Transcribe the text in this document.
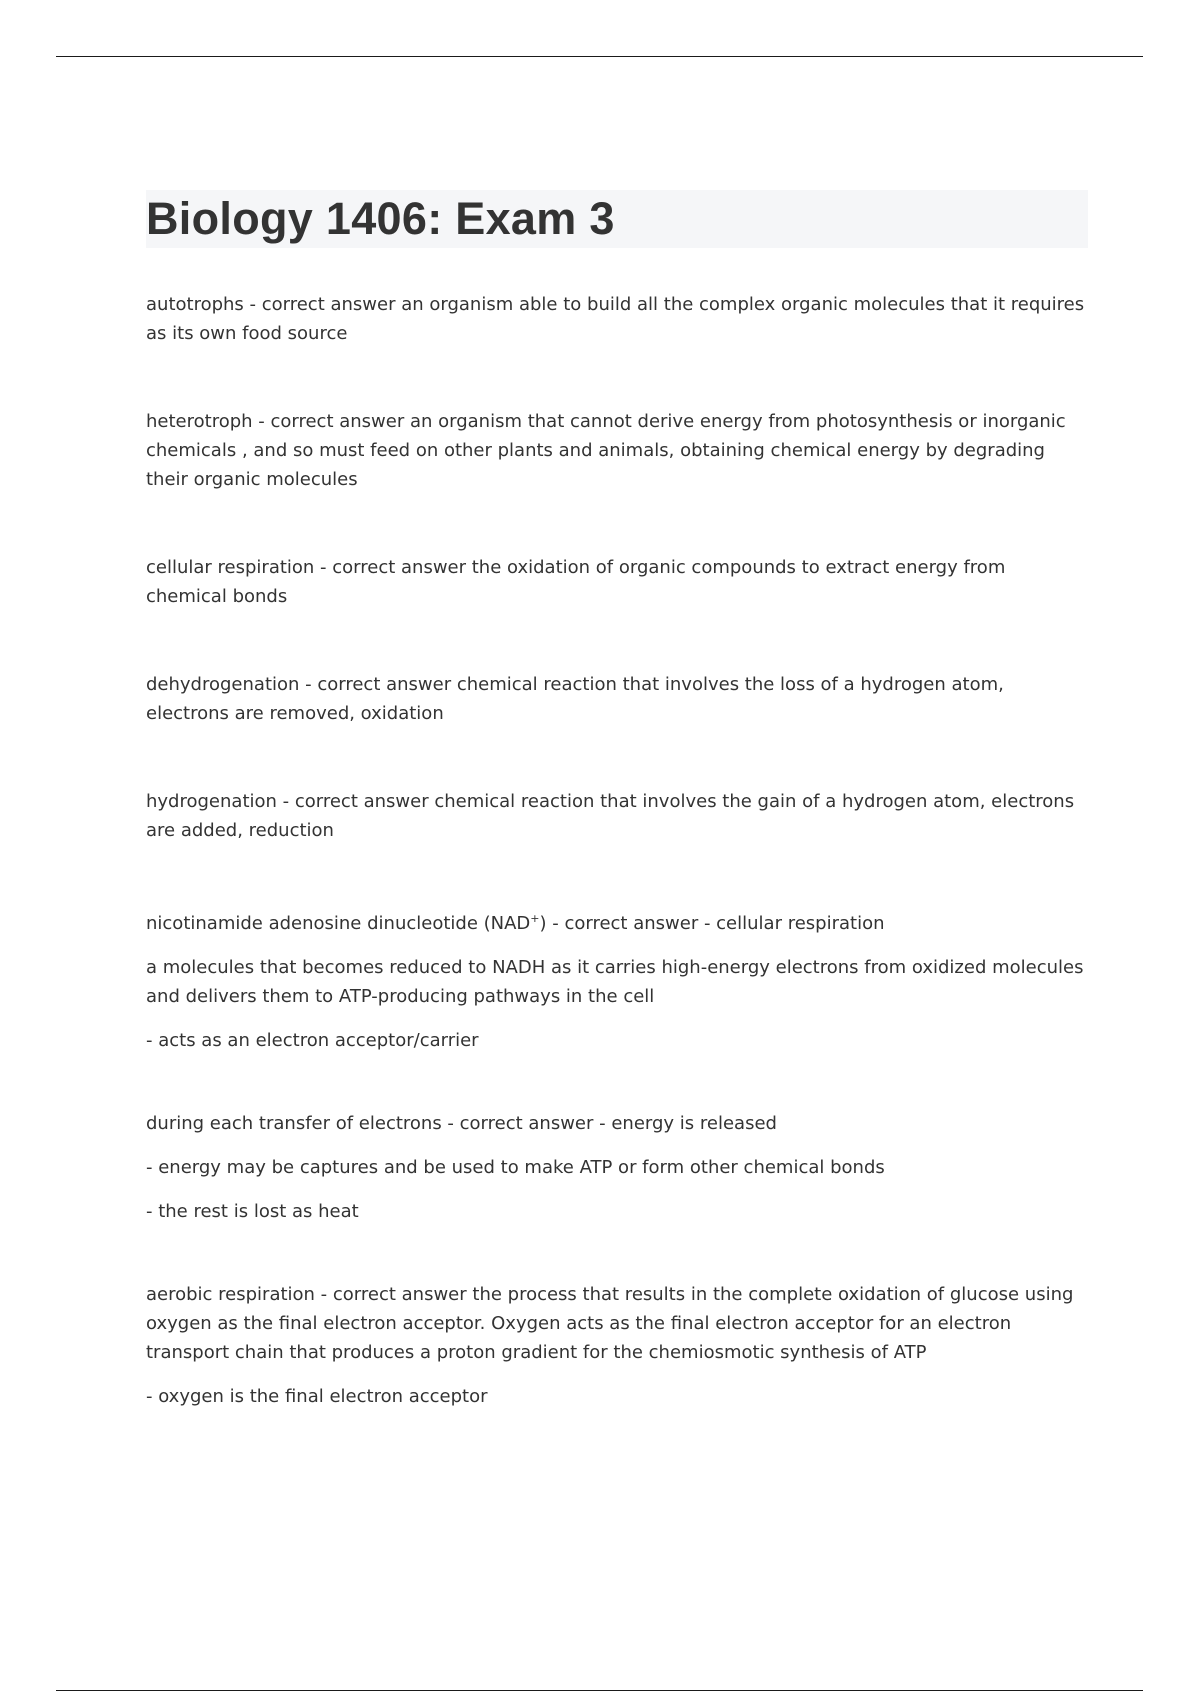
Biology 1406: Exam 3

autotrophs - correct answer an organism able to build all the complex organic molecules that it requires as its own food source

heterotroph - correct answer an organism that cannot derive energy from photosynthesis or inorganic chemicals , and so must feed on other plants and animals, obtaining chemical energy by degrading their organic molecules

cellular respiration - correct answer the oxidation of organic compounds to extract energy from chemical bonds

dehydrogenation - correct answer chemical reaction that involves the loss of a hydrogen atom, electrons are removed, oxidation

hydrogenation - correct answer chemical reaction that involves the gain of a hydrogen atom, electrons are added, reduction

nicotinamide adenosine dinucleotide (NAD+) - correct answer - cellular respiration

a molecules that becomes reduced to NADH as it carries high-energy electrons from oxidized molecules and delivers them to ATP-producing pathways in the cell

- acts as an electron acceptor/carrier

during each transfer of electrons - correct answer - energy is released

- energy may be captures and be used to make ATP or form other chemical bonds

- the rest is lost as heat

aerobic respiration - correct answer the process that results in the complete oxidation of glucose using oxygen as the final electron acceptor. Oxygen acts as the final electron acceptor for an electron transport chain that produces a proton gradient for the chemiosmotic synthesis of ATP

- oxygen is the final electron acceptor
